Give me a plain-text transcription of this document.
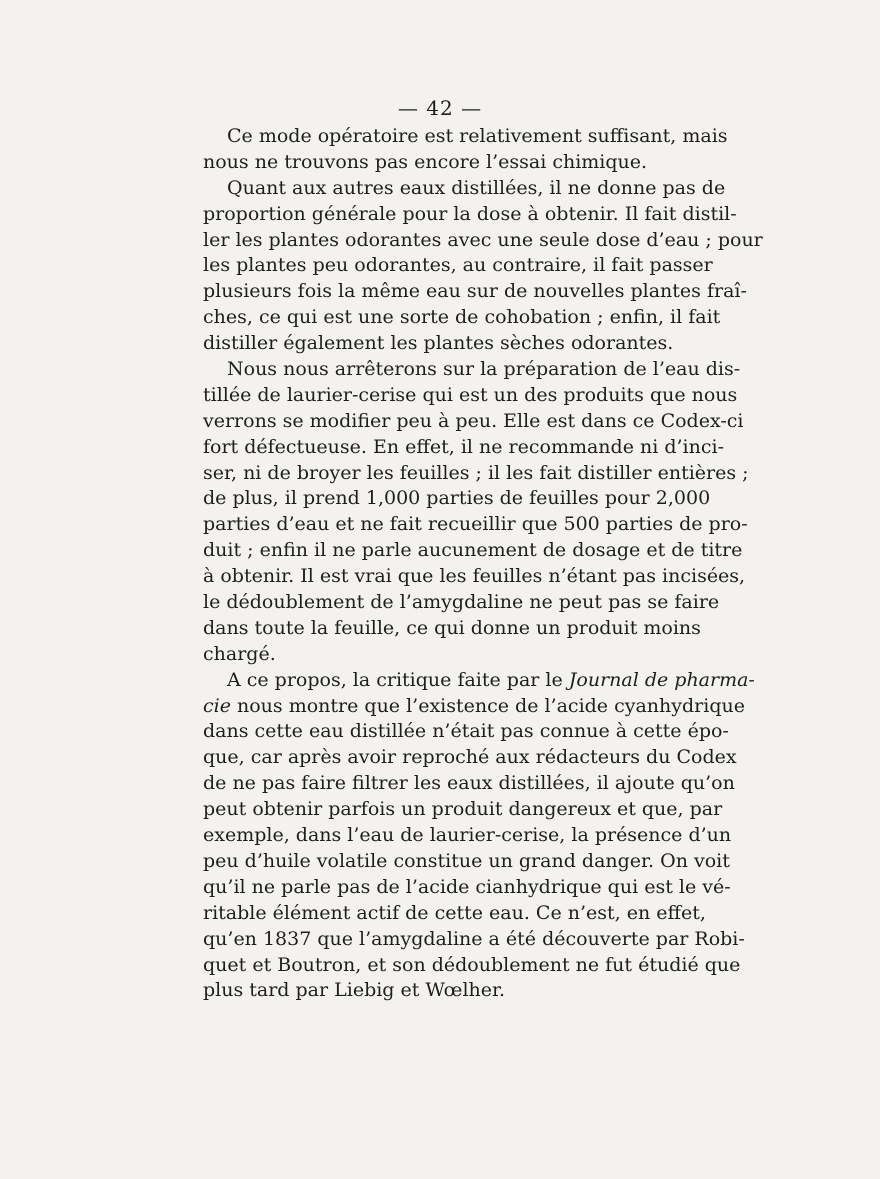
— 42 —
Ce mode opératoire est relativement suffisant, mais
nous ne trouvons pas encore l’essai chimique.
Quant aux autres eaux distillées, il ne donne pas de
proportion générale pour la dose à obtenir. Il fait distil-
ler les plantes odorantes avec une seule dose d’eau ; pour
les plantes peu odorantes, au contraire, il fait passer
plusieurs fois la même eau sur de nouvelles plantes fraî-
ches, ce qui est une sorte de cohobation ; enfin, il fait
distiller également les plantes sèches odorantes.
Nous nous arrêterons sur la préparation de l’eau dis-
tillée de laurier-cerise qui est un des produits que nous
verrons se modifier peu à peu. Elle est dans ce Codex-ci
fort défectueuse. En effet, il ne recommande ni d’inci-
ser, ni de broyer les feuilles ; il les fait distiller entières ;
de plus, il prend 1,000 parties de feuilles pour 2,000
parties d’eau et ne fait recueillir que 500 parties de pro-
duit ; enfin il ne parle aucunement de dosage et de titre
à obtenir. Il est vrai que les feuilles n’étant pas incisées,
le dédoublement de l’amygdaline ne peut pas se faire
dans toute la feuille, ce qui donne un produit moins
chargé.
A ce propos, la critique faite par le Journal de pharma-
cie nous montre que l’existence de l’acide cyanhydrique
dans cette eau distillée n’était pas connue à cette épo-
que, car après avoir reproché aux rédacteurs du Codex
de ne pas faire filtrer les eaux distillées, il ajoute qu’on
peut obtenir parfois un produit dangereux et que, par
exemple, dans l’eau de laurier-cerise, la présence d’un
peu d’huile volatile constitue un grand danger. On voit
qu’il ne parle pas de l’acide cianhydrique qui est le vé-
ritable élément actif de cette eau. Ce n’est, en effet,
qu’en 1837 que l’amygdaline a été découverte par Robi-
quet et Boutron, et son dédoublement ne fut étudié que
plus tard par Liebig et Wœlher.
